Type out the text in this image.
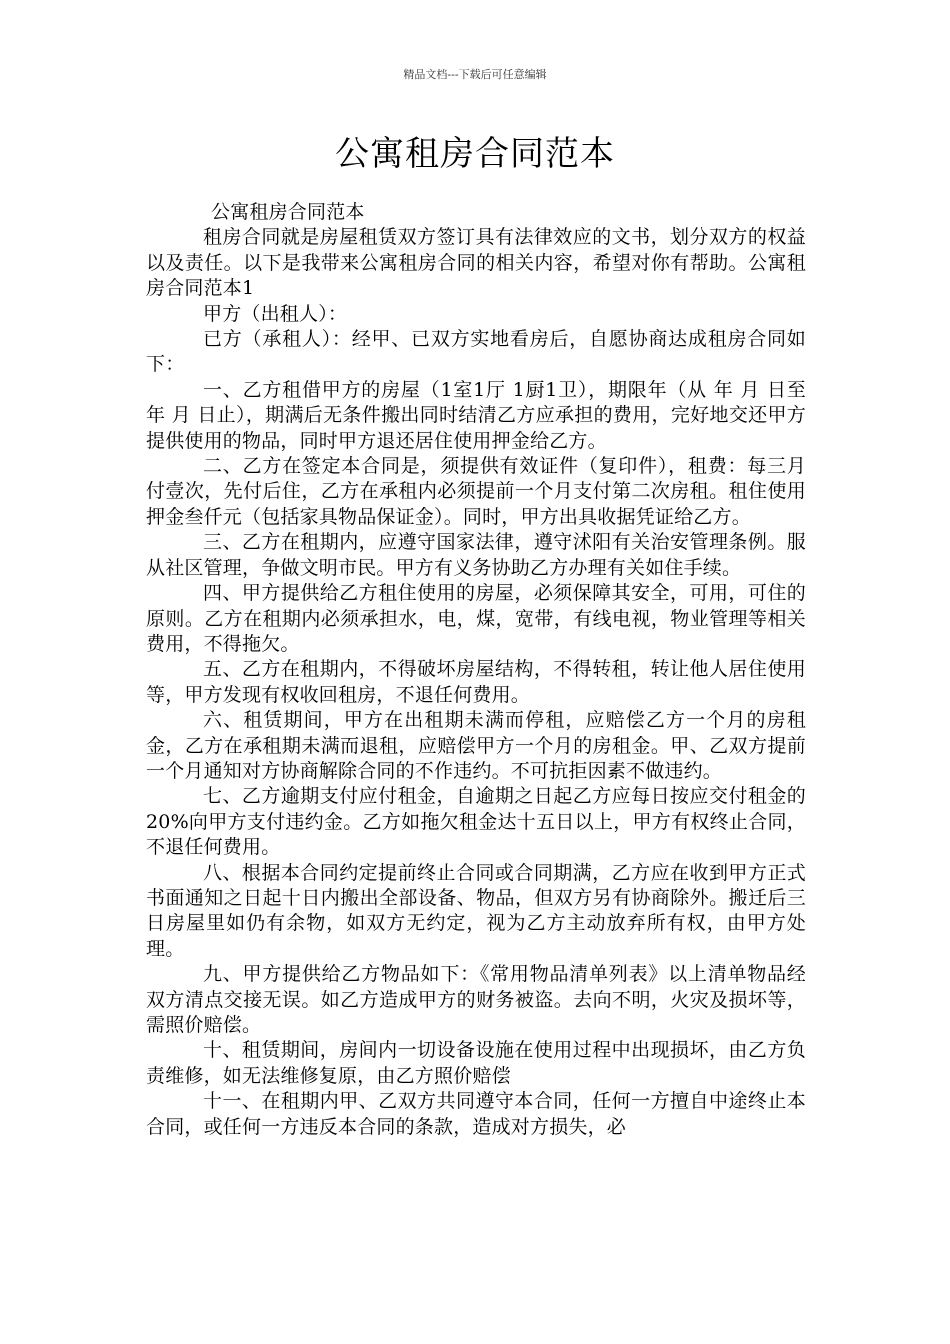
精品文档---下载后可任意编辑
公寓租房合同范本

公寓租房合同范本

租房合同就是房屋租赁双方签订具有法律效应的文书，划分双方的权益以及责任。以下是我带来公寓租房合同的相关内容，希望对你有帮助。公寓租房合同范本1

甲方（出租人）：

已方（承租人）：经甲、已双方实地看房后，自愿协商达成租房合同如下：

一、乙方租借甲方的房屋（1室1厅 1厨1卫），期限年（从 年 月 日至 年 月 日止），期满后无条件搬出同时结清乙方应承担的费用，完好地交还甲方提供使用的物品，同时甲方退还居住使用押金给乙方。

二、乙方在签定本合同是，须提供有效证件（复印件），租费：每三月付壹次，先付后住，乙方在承租内必须提前一个月支付第二次房租。租住使用押金叁仟元（包括家具物品保证金）。同时，甲方出具收据凭证给乙方。

三、乙方在租期内，应遵守国家法律，遵守沭阳有关治安管理条例。服从社区管理，争做文明市民。甲方有义务协助乙方办理有关如住手续。

四、甲方提供给乙方租住使用的房屋，必须保障其安全，可用，可住的原则。乙方在租期内必须承担水，电，煤，宽带，有线电视，物业管理等相关费用，不得拖欠。

五、乙方在租期内，不得破坏房屋结构，不得转租，转让他人居住使用等，甲方发现有权收回租房，不退任何费用。

六、租赁期间，甲方在出租期未满而停租，应赔偿乙方一个月的房租金，乙方在承租期未满而退租，应赔偿甲方一个月的房租金。甲、乙双方提前一个月通知对方协商解除合同的不作违约。不可抗拒因素不做违约。

七、乙方逾期支付应付租金，自逾期之日起乙方应每日按应交付租金的20%向甲方支付违约金。乙方如拖欠租金达十五日以上，甲方有权终止合同，不退任何费用。

八、根据本合同约定提前终止合同或合同期满，乙方应在收到甲方正式书面通知之日起十日内搬出全部设备、物品，但双方另有协商除外。搬迁后三日房屋里如仍有余物，如双方无约定，视为乙方主动放弃所有权，由甲方处理。

九、甲方提供给乙方物品如下：《常用物品清单列表》以上清单物品经双方清点交接无误。如乙方造成甲方的财务被盗。去向不明，火灾及损坏等，需照价赔偿。

十、租赁期间，房间内一切设备设施在使用过程中出现损坏，由乙方负责维修，如无法维修复原，由乙方照价赔偿

十一、在租期内甲、乙双方共同遵守本合同，任何一方擅自中途终止本合同，或任何一方违反本合同的条款，造成对方损失，必
